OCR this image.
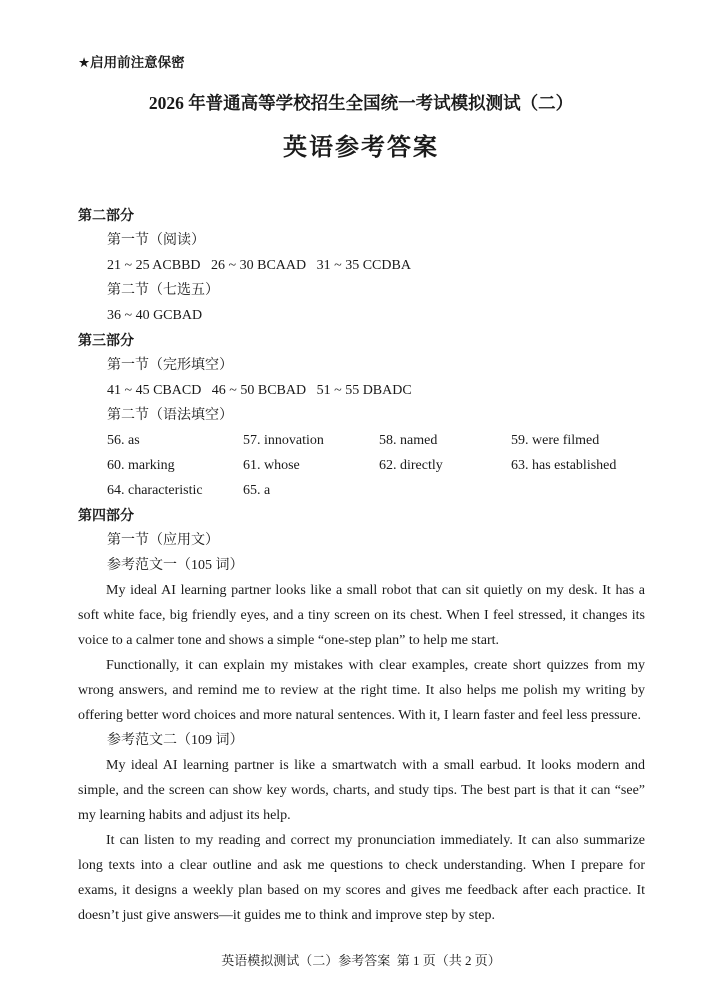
★启用前注意保密
2026 年普通高等学校招生全国统一考试模拟测试（二）
英语参考答案
第二部分
第一节（阅读）
21 ~ 25 ACBBD   26 ~ 30 BCAAD   31 ~ 35 CCDBA
第二节（七选五）
36 ~ 40 GCBAD
第三部分
第一节（完形填空）
41 ~ 45 CBACD   46 ~ 50 BCBAD   51 ~ 55 DBADC
第二节（语法填空）
56. as	57. innovation	58. named	59. were filmed
60. marking	61. whose	62. directly	63. has established
64. characteristic	65. a
第四部分
第一节（应用文）
参考范文一（105 词）

My ideal AI learning partner looks like a small robot that can sit quietly on my desk. It has a soft white face, big friendly eyes, and a tiny screen on its chest. When I feel stressed, it changes its voice to a calmer tone and shows a simple “one-step plan” to help me start.

Functionally, it can explain my mistakes with clear examples, create short quizzes from my wrong answers, and remind me to review at the right time. It also helps me polish my writing by offering better word choices and more natural sentences. With it, I learn faster and feel less pressure.

参考范文二（109 词）

My ideal AI learning partner is like a smartwatch with a small earbud. It looks modern and simple, and the screen can show key words, charts, and study tips. The best part is that it can “see” my learning habits and adjust its help.

It can listen to my reading and correct my pronunciation immediately. It can also summarize long texts into a clear outline and ask me questions to check understanding. When I prepare for exams, it designs a weekly plan based on my scores and gives me feedback after each practice. It doesn’t just give answers—it guides me to think and improve step by step.

英语模拟测试（二）参考答案  第 1 页（共 2 页）
